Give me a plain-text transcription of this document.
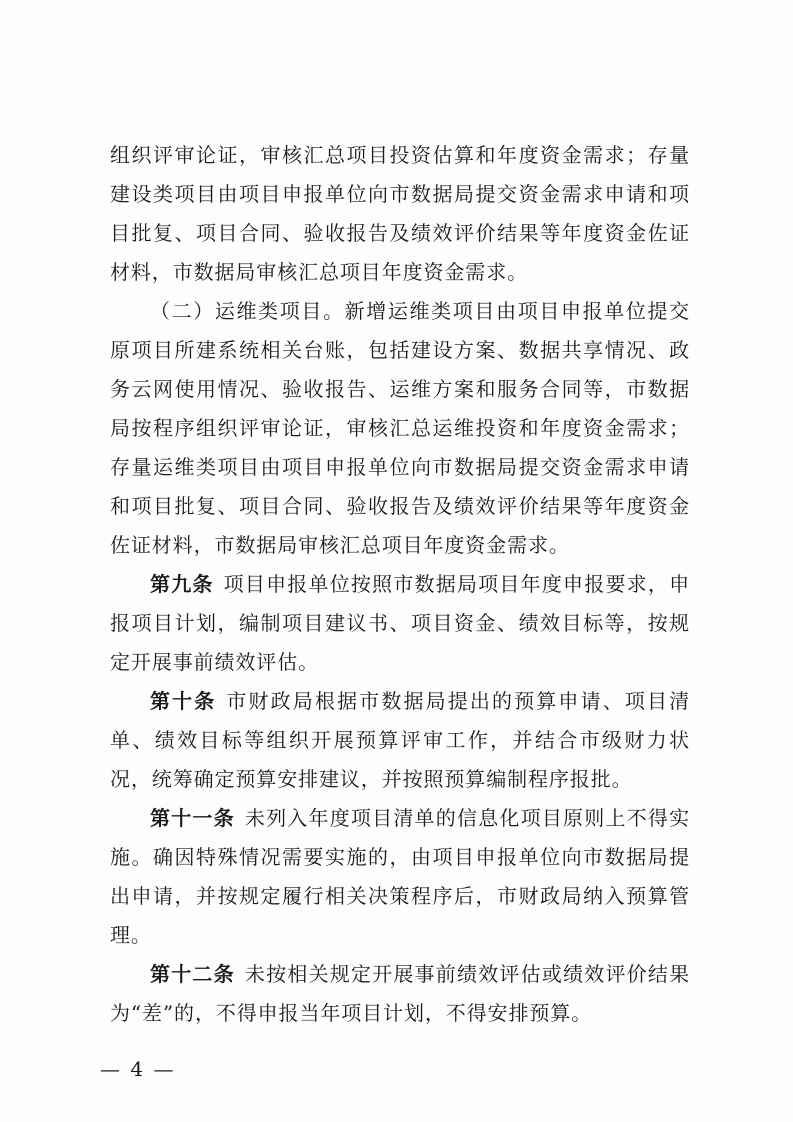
组织评审论证，审核汇总项目投资估算和年度资金需求；存量建设类项目由项目申报单位向市数据局提交资金需求申请和项目批复、项目合同、验收报告及绩效评价结果等年度资金佐证材料，市数据局审核汇总项目年度资金需求。

（二）运维类项目。新增运维类项目由项目申报单位提交原项目所建系统相关台账，包括建设方案、数据共享情况、政务云网使用情况、验收报告、运维方案和服务合同等，市数据局按程序组织评审论证，审核汇总运维投资和年度资金需求；存量运维类项目由项目申报单位向市数据局提交资金需求申请和项目批复、项目合同、验收报告及绩效评价结果等年度资金佐证材料，市数据局审核汇总项目年度资金需求。

第九条 项目申报单位按照市数据局项目年度申报要求，申报项目计划，编制项目建议书、项目资金、绩效目标等，按规定开展事前绩效评估。

第十条 市财政局根据市数据局提出的预算申请、项目清单、绩效目标等组织开展预算评审工作，并结合市级财力状况，统筹确定预算安排建议，并按照预算编制程序报批。

第十一条 未列入年度项目清单的信息化项目原则上不得实施。确因特殊情况需要实施的，由项目申报单位向市数据局提出申请，并按规定履行相关决策程序后，市财政局纳入预算管理。

第十二条 未按相关规定开展事前绩效评估或绩效评价结果为“差”的，不得申报当年项目计划，不得安排预算。

— 4 —
